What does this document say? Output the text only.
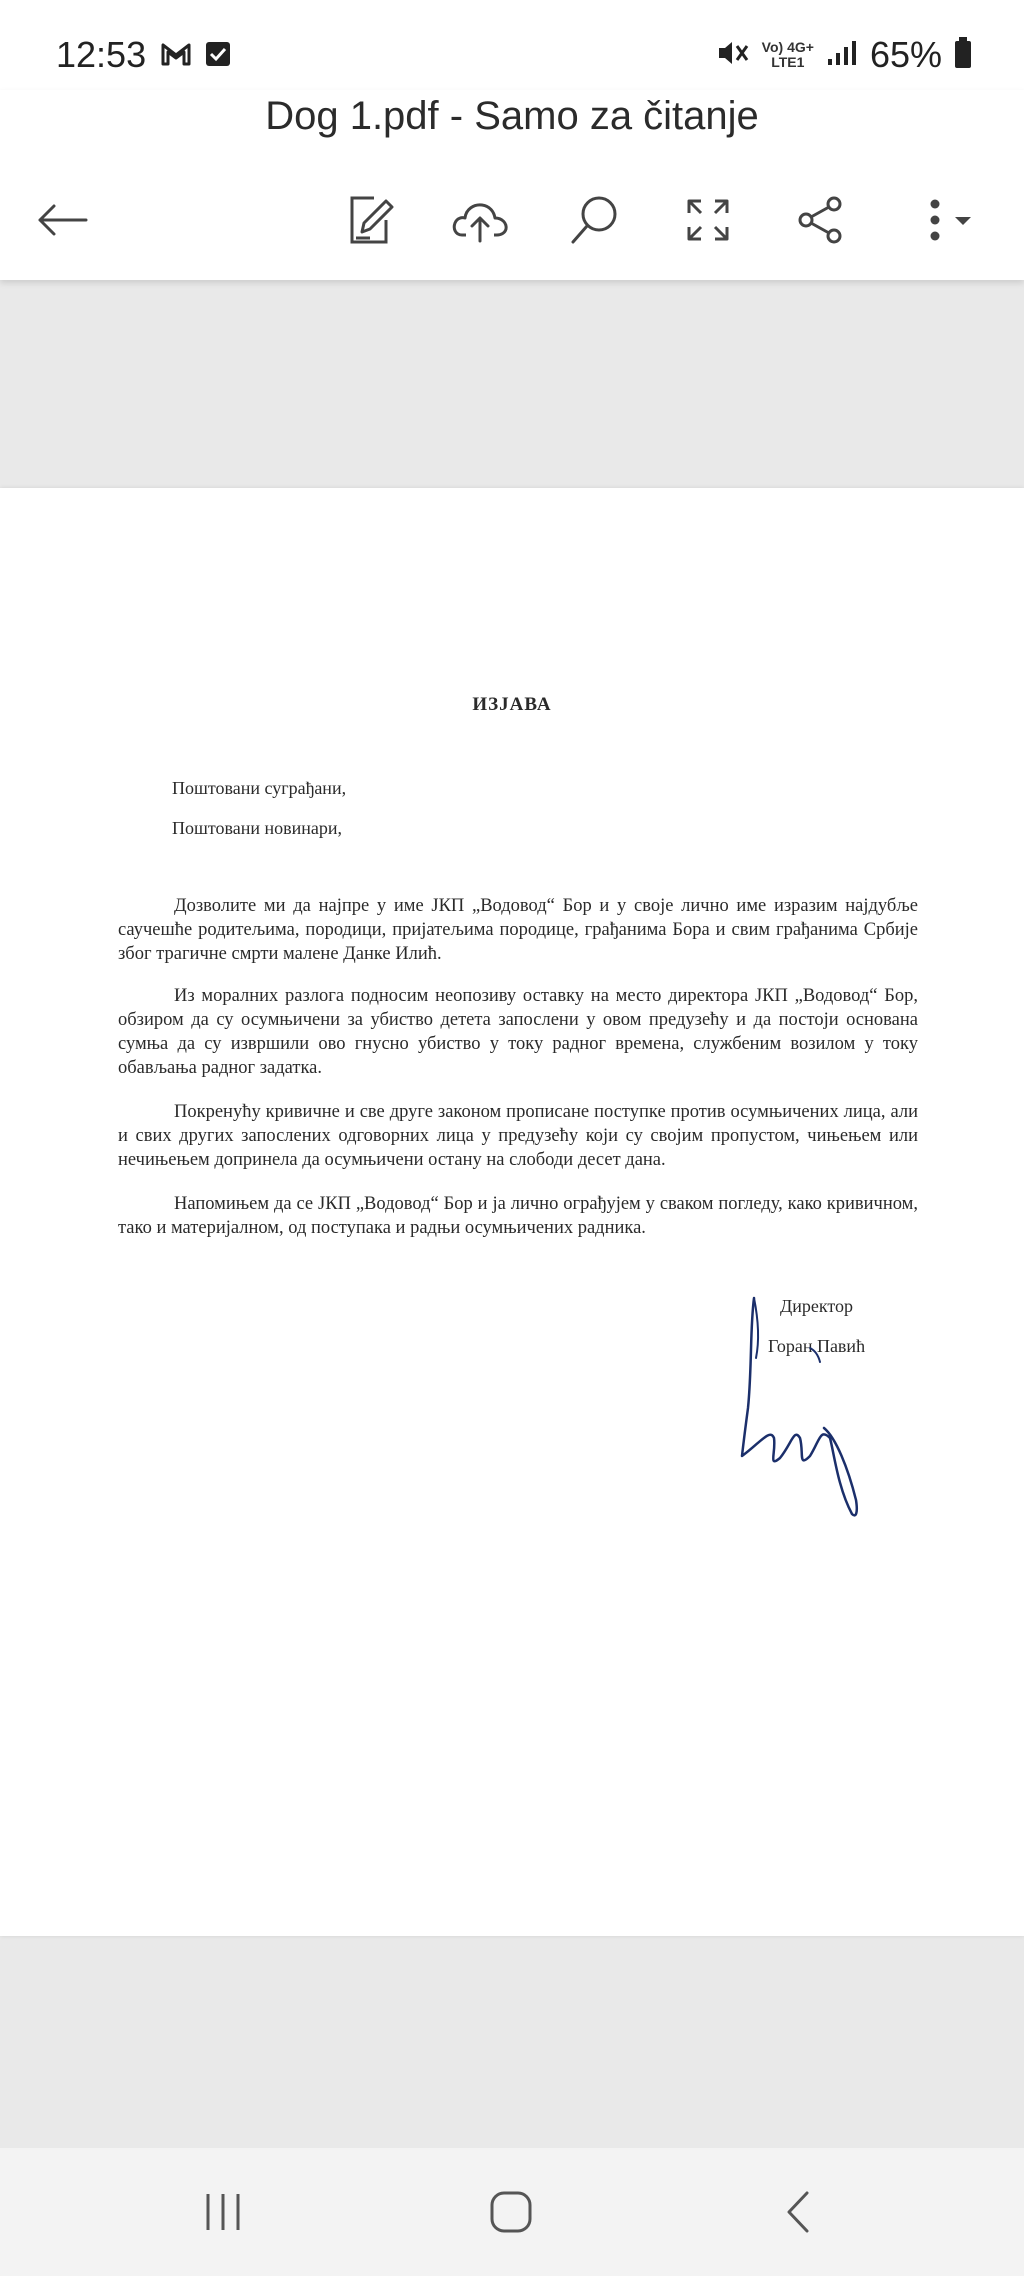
12:53	Vo) 4G+
LTE1 65%
Dog 1.pdf - Samo za čitanje
ИЗЈАВА
Поштовани суграђани,
Поштовани новинари,
Дозволите ми да најпре у име ЈКП „Водовод“ Бор и у своје лично име изразим најдубље саучешће родитељима, породици, пријатељима породице, грађанима Бора и свим грађанима Србије због трагичне смрти малене Данке Илић.
Из моралних разлога подносим неопозиву оставку на место директора ЈКП „Водовод“ Бор, обзиром да су осумњичени за убиство детета запослени у овом предузећу и да постоји основана сумња да су извршили ово гнусно убиство у току радног времена, службеним возилом у току обављања радног задатка.
Покренућу кривичне и све друге законом прописане поступке против осумњичених лица, али и свих других запослених одговорних лица у предузећу који су својим пропустом, чињењем или нечињењем допринела да осумњичени остану на слободи десет дана.
Напомињем да се ЈКП „Водовод“ Бор и ја лично ограђујем у сваком погледу, како кривичном, тако и материјалном, од поступака и радњи осумњичених радника.
Директор
Горан Павић
